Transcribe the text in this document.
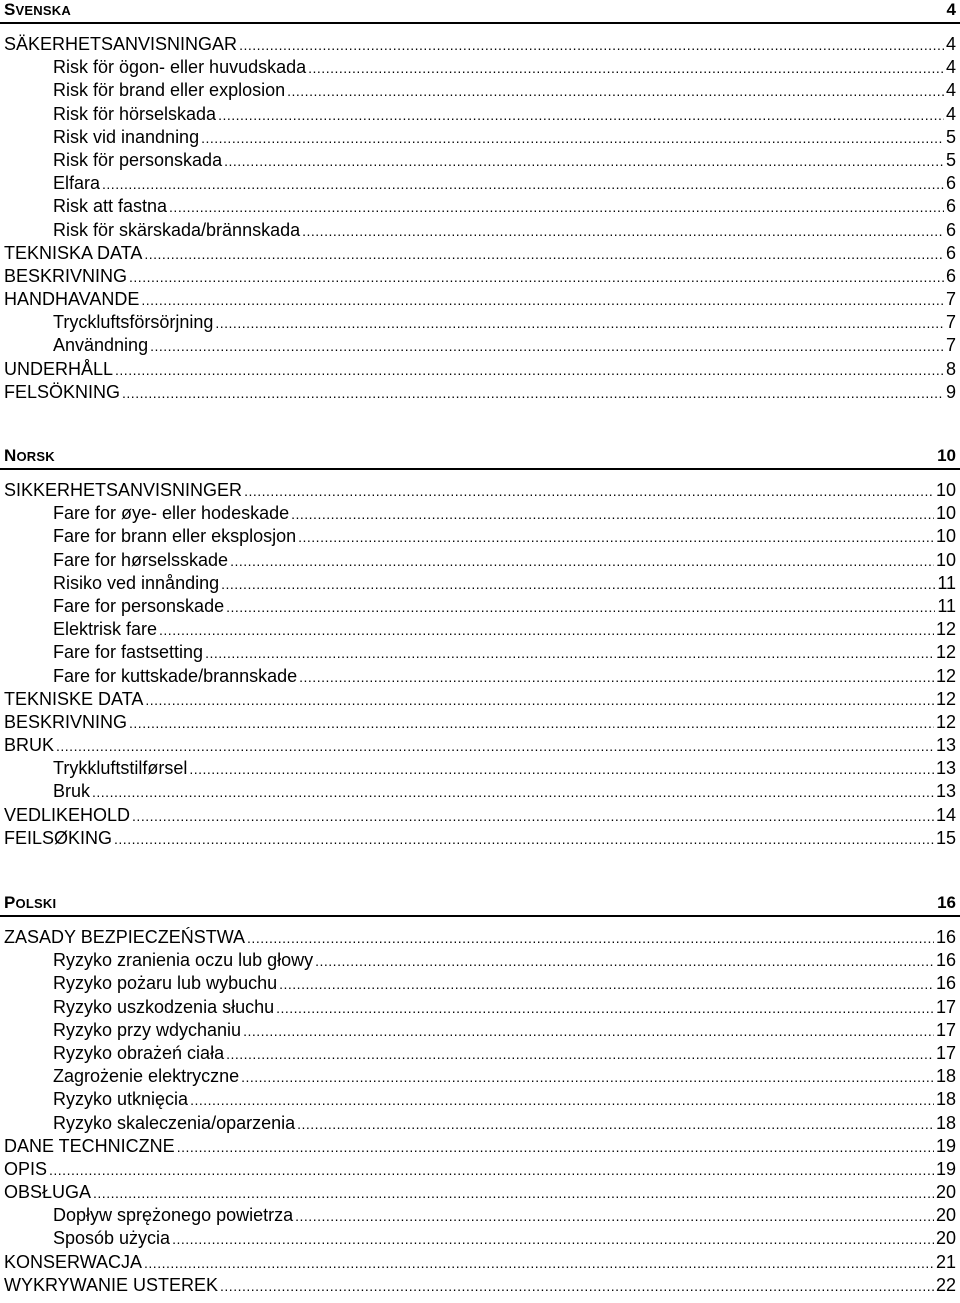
SVENSKA	4
SÄKERHETSANVISNINGAR .....	4
Risk för ögon- eller huvudskada .....	4
Risk för brand eller explosion .....	4
Risk för hörselskada .....	4
Risk vid inandning .....	5
Risk för personskada .....	5
Elfara .....	6
Risk att fastna .....	6
Risk för skärskada/brännskada .....	6
TEKNISKA DATA .....	6
BESKRIVNING .....	6
HANDHAVANDE .....	7
Tryckluftsförsörjning .....	7
Användning .....	7
UNDERHÅLL .....	8
FELSÖKNING .....	9
NORSK	10
SIKKERHETSANVISNINGER .....	10
Fare for øye- eller hodeskade .....	10
Fare for brann eller eksplosjon .....	10
Fare for hørselsskade .....	10
Risiko ved innånding .....	11
Fare for personskade .....	11
Elektrisk fare .....	12
Fare for fastsetting .....	12
Fare for kuttskade/brannskade .....	12
TEKNISKE DATA .....	12
BESKRIVNING .....	12
BRUK .....	13
Trykkluftstilførsel .....	13
Bruk .....	13
VEDLIKEHOLD .....	14
FEILSØKING .....	15
POLSKI	16
ZASADY BEZPIECZEŃSTWA .....	16
Ryzyko zranienia oczu lub głowy .....	16
Ryzyko pożaru lub wybuchu .....	16
Ryzyko uszkodzenia słuchu .....	17
Ryzyko przy wdychaniu .....	17
Ryzyko obrażeń ciała .....	17
Zagrożenie elektryczne .....	18
Ryzyko utknięcia .....	18
Ryzyko skaleczenia/oparzenia .....	18
DANE TECHNICZNE .....	19
OPIS .....	19
OBSŁUGA .....	20
Dopływ sprężonego powietrza .....	20
Sposób użycia .....	20
KONSERWACJA .....	21
WYKRYWANIE USTEREK .....	22
